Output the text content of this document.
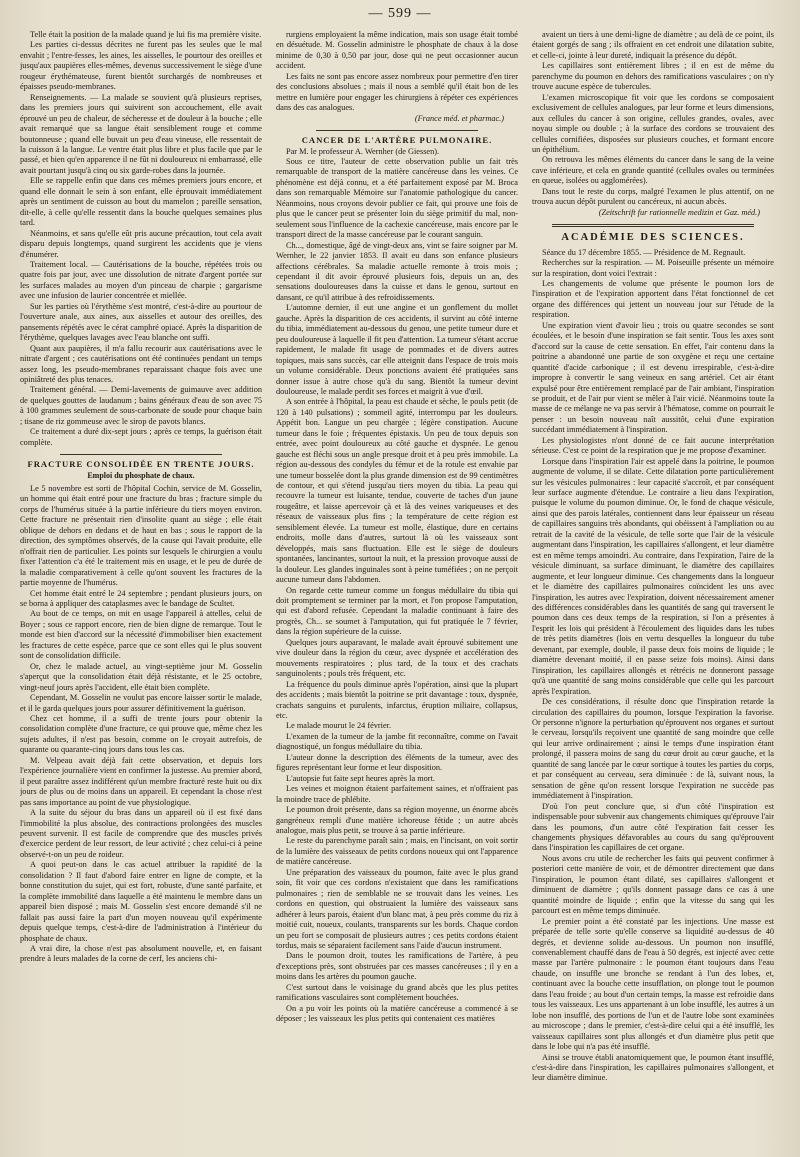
— 599 —

Telle était la position de la malade quand je lui fis ma première visite.

Les parties ci-dessus décrites ne furent pas les seules que le mal envahit ; l'entre-fesses, les aines, les aisselles, le pourtour des oreilles et jusqu'aux paupières elles-mêmes, devenus successivement le siège d'une rougeur érythémateuse, furent bientôt surchargés de nombreuses et épaisses pseudo-membranes.

Renseignements. — La malade se souvient qu'à plusieurs reprises, dans les premiers jours qui suivirent son accouchement, elle avait éprouvé un peu de chaleur, de sécheresse et de douleur à la bouche ; elle avait remarqué que sa langue était sensiblement rouge et comme boutonneuse ; quand elle buvait un peu d'eau vineuse, elle ressentait de la cuisson à la langue. Le ventre était plus libre et plus facile que par le passé, et bien qu'en apparence il ne fût ni douloureux ni embarrassé, elle avait pourtant jusqu'à cinq ou six garde-robes dans la journée.

Elle se rappelle enfin que dans ces mêmes premiers jours encore, et quand elle donnait le sein à son enfant, elle éprouvait immédiatement après un sentiment de cuisson au bout du mamelon ; pareille sensation, dit-elle, à celle qu'elle ressentit dans la bouche quelques semaines plus tard.

Néanmoins, et sans qu'elle eût pris aucune précaution, tout cela avait disparu depuis longtemps, quand surgirent les accidents que je viens d'énumérer.

Traitement local. — Cautérisations de la bouche, répétées trois ou quatre fois par jour, avec une dissolution de nitrate d'argent portée sur les surfaces malades au moyen d'un pinceau de charpie ; gargarisme avec une infusion de laurier concentrée et miellée.

Sur les parties où l'érythème s'est montré, c'est-à-dire au pourtour de l'ouverture anale, aux aines, aux aisselles et autour des oreilles, des pansements répétés avec le cérat camphré opiacé. Après la disparition de l'érythème, quelques lavages avec l'eau blanche ont suffi.

Quant aux paupières, il m'a fallu recourir aux cautérisations avec le nitrate d'argent ; ces cautérisations ont été continuées pendant un temps assez long, les pseudo-membranes reparaissant chaque fois avec une opiniâtreté des plus tenaces.

Traitement général. — Demi-lavements de guimauve avec addition de quelques gouttes de laudanum ; bains généraux d'eau de son avec 75 à 100 grammes seulement de sous-carbonate de soude pour chaque bain ; tisane de riz gommeuse avec le sirop de pavots blancs.

Ce traitement a duré dix-sept jours ; après ce temps, la guérison était complète.

FRACTURE CONSOLIDÉE EN TRENTE JOURS.
Emploi du phosphate de chaux.

Le 5 novembre est sorti de l'hôpital Cochin, service de M. Gosselin, un homme qui était entré pour une fracture du bras ; fracture simple du corps de l'humérus située à la partie inférieure du tiers moyen environ. Cette fracture ne présentait rien d'insolite quant au siège ; elle était oblique de dehors en dedans et de haut en bas ; sous le rapport de la direction, des symptômes observés, de la cause qui l'avait produite, elle n'offrait rien de particulier. Les points sur lesquels le chirurgien a voulu fixer l'attention c'a été le traitement mis en usage, et le peu de durée de la maladie comparativement à celle qu'ont souvent les fractures de la partie moyenne de l'humérus.

Cet homme était entré le 24 septembre ; pendant plusieurs jours, on se borna à appliquer des cataplasmes avec le bandage de Scultet.

Au bout de ce temps, on mit en usage l'appareil à attelles, celui de Boyer ; sous ce rapport encore, rien de bien digne de remarque. Tout le monde est bien d'accord sur la nécessité d'immobiliser bien exactement les fractures de cette espèce, parce que ce sont elles qui le plus souvent sont de consolidation difficile.

Or, chez le malade actuel, au vingt-septième jour M. Gosselin s'aperçut que la consolidation était déjà résistante, et le 25 octobre, vingt-neuf jours après l'accident, elle était bien complète.

Cependant, M. Gosselin ne voulut pas encore laisser sortir le malade, et il le garda quelques jours pour assurer définitivement la guérison.

Chez cet homme, il a suffi de trente jours pour obtenir la consolidation complète d'une fracture, ce qui prouve que, même chez les sujets adultes, il n'est pas besoin, comme on le croyait autrefois, de quarante ou quarante-cinq jours dans tous les cas.

M. Velpeau avait déjà fait cette observation, et depuis lors l'expérience journalière vient en confirmer la justesse. Au premier abord, il peut paraître assez indifférent qu'un membre fracturé reste huit ou dix jours de plus ou de moins dans un appareil. Et cependant la chose n'est pas sans importance au point de vue physiologique.

A la suite du séjour du bras dans un appareil où il est fixé dans l'immobilité la plus absolue, des contractions prolongées des muscles peuvent survenir. Il est facile de comprendre que des muscles privés d'exercice perdent de leur ressort, de leur activité ; chez celui-ci à peine observé-t-on un peu de roideur.

A quoi peut-on dans le cas actuel attribuer la rapidité de la consolidation ? Il faut d'abord faire entrer en ligne de compte, et la bonne constitution du sujet, qui est fort, robuste, d'une santé parfaite, et la complète immobilité dans laquelle a été maintenu le membre dans un appareil bien disposé ; mais M. Gosselin s'est encore demandé s'il ne fallait pas aussi faire la part d'un moyen nouveau qu'il expérimente depuis quelque temps, c'est-à-dire de l'administration à l'intérieur du phosphate de chaux.

A vrai dire, la chose n'est pas absolument nouvelle, et, en faisant prendre à leurs malades de la corne de cerf, les anciens chi-

rurgiens employaient la même indication, mais son usage était tombé en désuétude. M. Gosselin administre le phosphate de chaux à la dose minime de 0,30 à 0,50 par jour, dose qui ne peut occasionner aucun accident.

Les faits ne sont pas encore assez nombreux pour permettre d'en tirer des conclusions absolues ; mais il nous a semblé qu'il était bon de les mettre en lumière pour engager les chirurgiens à répéter ces expériences dans des cas analogues.

(France méd. et pharmac.)

CANCER DE L'ARTÈRE PULMONAIRE.

Par M. le professeur A. Wernher (de Giessen).

Sous ce titre, l'auteur de cette observation publie un fait très remarquable de transport de la matière cancéreuse dans les veines. Ce phénomène est déjà connu, et a été parfaitement exposé par M. Broca dans son remarquable Mémoire sur l'anatomie pathologique du cancer. Néanmoins, nous croyons devoir publier ce fait, qui prouve une fois de plus que le cancer peut se présenter loin du siège primitif du mal, non-seulement sous l'influence de la cachexie cancéreuse, mais encore par le transport direct de la masse cancéreuse par le courant sanguin.

Ch..., domestique, âgé de vingt-deux ans, vint se faire soigner par M. Wernher, le 22 janvier 1853. Il avait eu dans son enfance plusieurs affections cérébrales. Sa maladie actuelle remonte à trois mois ; cependant il dit avoir éprouvé plusieurs fois, depuis un an, des sensations douloureuses dans la cuisse et dans le genou, surtout en dansant, ce qu'il attribue à des refroidissements.

L'automne dernier, il eut une angine et un gonflement du mollet gauche. Après la disparition de ces accidents, il survint au côté interne du tibia, immédiatement au-dessous du genou, une petite tumeur dure et peu douloureuse à laquelle il fit peu d'attention. La tumeur s'étant accrue rapidement, le malade fit usage de pommades et de divers autres topiques, mais sans succès, car elle atteignit dans l'espace de trois mois un volume considérable. Deux ponctions avaient été pratiquées sans donner issue à autre chose qu'à du sang. Bientôt la tumeur devint douloureuse, le malade perdit ses forces et maigrit à vue d'œil.

A son entrée à l'hôpital, la peau est chaude et sèche, le pouls petit (de 120 à 140 pulsations) ; sommeil agité, interrompu par les douleurs. Appétit bon. Langue un peu chargée ; légère constipation. Aucune tumeur dans le foie ; fréquentes épistaxis. Un peu de toux depuis son entrée, avec point douloureux au côté gauche et dyspnée. Le genou gauche est fléchi sous un angle presque droit et à peu près immobile. La région au-dessous des condyles du fémur et de la rotule est envahie par une tumeur bosselée dont la plus grande dimension est de 99 centimètres de contour, et qui s'étend jusqu'au tiers moyen du tibia. La peau qui recouvre la tumeur est luisante, tendue, couverte de taches d'un jaune rougeâtre, et laisse apercevoir çà et là des veines variqueuses et des réseaux de vaisseaux plus fins ; la température de cette région est sensiblement élevée. La tumeur est molle, élastique, dure en certains endroits, molle dans d'autres, surtout là où les vaisseaux sont développés, mais sans fluctuation. Elle est le siège de douleurs spontanées, lancinantes, surtout la nuit, et la pression provoque aussi de la douleur. Les glandes inguinales sont à peine tuméfiées ; on ne perçoit aucune tumeur dans l'abdomen.

On regarde cette tumeur comme un fongus médullaire du tibia qui doit promptement se terminer par la mort, et l'on propose l'amputation, qui est d'abord refusée. Cependant la maladie continuant à faire des progrès, Ch... se soumet à l'amputation, qui fut pratiquée le 7 février, dans la région supérieure de la cuisse.

Quelques jours auparavant, le malade avait éprouvé subitement une vive douleur dans la région du cœur, avec dyspnée et accélération des mouvements respiratoires ; plus tard, de la toux et des crachats sanguinolents ; pouls très fréquent, etc.

La fréquence du pouls diminue après l'opération, ainsi que la plupart des accidents ; mais bientôt la poitrine se prit davantage : toux, dyspnée, crachats sanguins et purulents, infarctus, éruption miliaire, collapsus, etc.

Le malade mourut le 24 février.

L'examen de la tumeur de la jambe fit reconnaître, comme on l'avait diagnostiqué, un fongus médullaire du tibia.

L'auteur donne la description des éléments de la tumeur, avec des figures représentant leur forme et leur disposition.

L'autopsie fut faite sept heures après la mort.

Les veines et moignon étaient parfaitement saines, et n'offraient pas la moindre trace de phlébite.

Le poumon droit présente, dans sa région moyenne, un énorme abcès gangréneux rempli d'une matière ichoreuse fétide ; un autre abcès analogue, mais plus petit, se trouve à sa partie inférieure.

Le reste du parenchyme paraît sain ; mais, en l'incisant, on voit sortir de la lumière des vaisseaux de petits cordons noueux qui ont l'apparence de matière cancéreuse.

Une préparation des vaisseaux du poumon, faite avec le plus grand soin, fit voir que ces cordons n'existaient que dans les ramifications pulmonaires ; rien de semblable ne se trouvait dans les veines. Les cordons en question, qui obstruaient la lumière des vaisseaux sans adhérer à leurs parois, étaient d'un blanc mat, à peu près comme du riz à moitié cuit, noueux, coulants, transparents sur les bords. Chaque cordon un peu fort se composait de plusieurs autres ; ces petits cordons étaient tordus, mais se séparaient facilement sans l'aide d'aucun instrument.

Dans le poumon droit, toutes les ramifications de l'artère, à peu d'exceptions près, sont obstruées par ces masses cancéreuses ; il y en a moins dans les artères du poumon gauche.

C'est surtout dans le voisinage du grand abcès que les plus petites ramifications vasculaires sont complètement bouchées.

On a pu voir les points où la matière cancéreuse a commencé à se déposer ; les vaisseaux les plus petits qui contenaient ces matières

avaient un tiers à une demi-ligne de diamètre ; au delà de ce point, ils étaient gorgés de sang ; ils offraient en cet endroit une dilatation subite, et celle-ci, jointe à leur dureté, indiquait la présence du dépôt.

Les capillaires sont entièrement libres ; il en est de même du parenchyme du poumon en dehors des ramifications vasculaires ; on n'y trouve aucune espèce de tubercules.

L'examen microscopique fit voir que les cordons se composaient exclusivement de cellules analogues, par leur forme et leurs dimensions, aux cellules du cancer à son origine, cellules grandes, ovales, avec noyau simple ou double ; à la surface des cordons se trouvaient des cellules cornifiées, disposées sur plusieurs couches, et formant encore un épithélium.

On retrouva les mêmes éléments du cancer dans le sang de la veine cave inférieure, et cela en grande quantité (cellules ovales ou terminées en queue, isolées ou agglomérées).

Dans tout le reste du corps, malgré l'examen le plus attentif, on ne trouva aucun dépôt purulent ou cancéreux, ni aucun abcès.

(Zeitschrift fur rationnelle medizin et Gaz. méd.)

ACADÉMIE DES SCIENCES.

Séance du 17 décembre 1855. — Présidence de M. Regnault.

Recherches sur la respiration. — M. Poiseuille présente un mémoire sur la respiration, dont voici l'extrait :

Les changements de volume que présente le poumon lors de l'inspiration et de l'expiration apportent dans l'état fonctionnel de cet organe des différences qui jettent un nouveau jour sur l'étude de la respiration.

Une expiration vient d'avoir lieu ; trois ou quatre secondes se sont écoulées, et le besoin d'une inspiration se fait sentir. Tous les axes sont d'accord sur la cause de cette sensation. En effet, l'air contenu dans la poitrine a abandonné une partie de son oxygène et reçu une certaine quantité d'acide carbonique ; il est devenu irrespirable, c'est-à-dire impropre à convertir le sang veineux en sang artériel. Cet air étant expulsé pour être entièrement remplacé par de l'air ambiant, l'inspiration se produit, et de l'air pur vient se mêler à l'air vicié. Néanmoins toute la masse de ce mélange ne va pas servir à l'hématose, comme on pourrait le penser : un besoin nouveau naît aussitôt, celui d'une expiration succédant immédiatement à l'inspiration.

Les physiologistes n'ont donné de ce fait aucune interprétation sérieuse. C'est ce point de la respiration que je me propose d'examiner.

Lorsque dans l'inspiration l'air est appelé dans la poitrine, le poumon augmente de volume, il se dilate. Cette dilatation porte particulièrement sur les vésicules pulmonaires : leur capacité s'accroît, et par conséquent leur surface augmente d'étendue. Le contraire a lieu dans l'expiration, puisque le volume du poumon diminue. Or, le fond de chaque vésicule, ainsi que des parois latérales, contiennent dans leur épaisseur un réseau de capillaires sanguins très abondants, qui obéissent à l'ampliation ou au retrait de la cavité de la vésicule, de telle sorte que l'air de la vésicule augmentant dans l'inspiration, les capillaires s'allongent, et leur diamètre est en même temps amoindri. Au contraire, dans l'expiration, l'aire de la vésicule diminuant, sa surface diminuant, le diamètre des capillaires augmente, et leur longueur diminue. Ces changements dans la longueur et le diamètre des capillaires pulmonaires coïncident les uns avec l'inspiration, les autres avec l'expiration, doivent nécessairement amener des différences considérables dans les quantités de sang qui traversent le poumon dans ces deux temps de la respiration, si l'on a présentes à l'esprit les lois qui président à l'écoulement des liquides dans les tubes de très petits diamètres (lois en vertu desquelles la longueur du tube devenant, par exemple, double, il passe deux fois moins de liquide ; le diamètre devenant moitié, il en passe seize fois moins). Ainsi dans l'inspiration, les capillaires allongés et rétrécis ne donneront passage qu'à une quantité de sang moins considérable que celle qui les parcourt après l'expiration.

De ces considérations, il résulte donc que l'inspiration retarde la circulation des capillaires du poumon, lorsque l'expiration la favorise. Or personne n'ignore la perturbation qu'éprouvent nos organes et surtout le cerveau, lorsqu'ils reçoivent une quantité de sang moindre que celle qui leur arrive ordinairement ; ainsi le temps d'une inspiration étant prolongé, il passera moins de sang du cœur droit au cœur gauche, et la quantité de sang lancée par le cœur sortique à toutes les parties du corps, et par conséquent au cerveau, sera diminuée : de là, suivant nous, la sensation de gêne qu'on ressent lorsque l'expiration ne succède pas immédiatement à l'inspiration.

D'où l'on peut conclure que, si d'un côté l'inspiration est indispensable pour subvenir aux changements chimiques qu'éprouve l'air dans les poumons, d'un autre côté l'expiration fait cesser les changements physiques défavorables au cours du sang qu'éprouvent dans l'inspiration les capillaires de cet organe.

Nous avons cru utile de rechercher les faits qui peuvent confirmer à posteriori cette manière de voir, et de démontrer directement que dans l'inspiration, le poumon étant dilaté, ses capillaires s'allongent et diminuent de diamètre ; qu'ils donnent passage dans ce cas à une quantité moindre de liquide ; enfin que la vitesse du sang qui les parcourt est en même temps diminuée.

Le premier point a été constaté par les injections. Une masse est préparée de telle sorte qu'elle conserve sa liquidité au-dessus de 40 degrés, et devienne solide au-dessous. Un poumon non insufflé, convenablement chauffé dans de l'eau à 50 degrés, est injecté avec cette masse par l'artère pulmonaire : le poumon étant toujours dans l'eau chaude, on insuffle une bronche se rendant à l'un des lobes, et, continuant avec la bouche cette insufflation, on plonge tout le poumon dans l'eau froide ; au bout d'un certain temps, la masse est refroidie dans tous les vaisseaux. Les uns appartenant à un lobe insufflé, les autres à un lobe non insufflé, des portions de l'un et de l'autre lobe sont examinées au microscope ; dans le premier, c'est-à-dire celui qui a été insufflé, les vaisseaux capillaires sont plus allongés et d'un diamètre plus petit que dans le lobe qui n'a pas été insufflé.

Ainsi se trouve établi anatomiquement que, le poumon étant insufflé, c'est-à-dire dans l'inspiration, les capillaires pulmonaires s'allongent, et leur diamètre diminue.
